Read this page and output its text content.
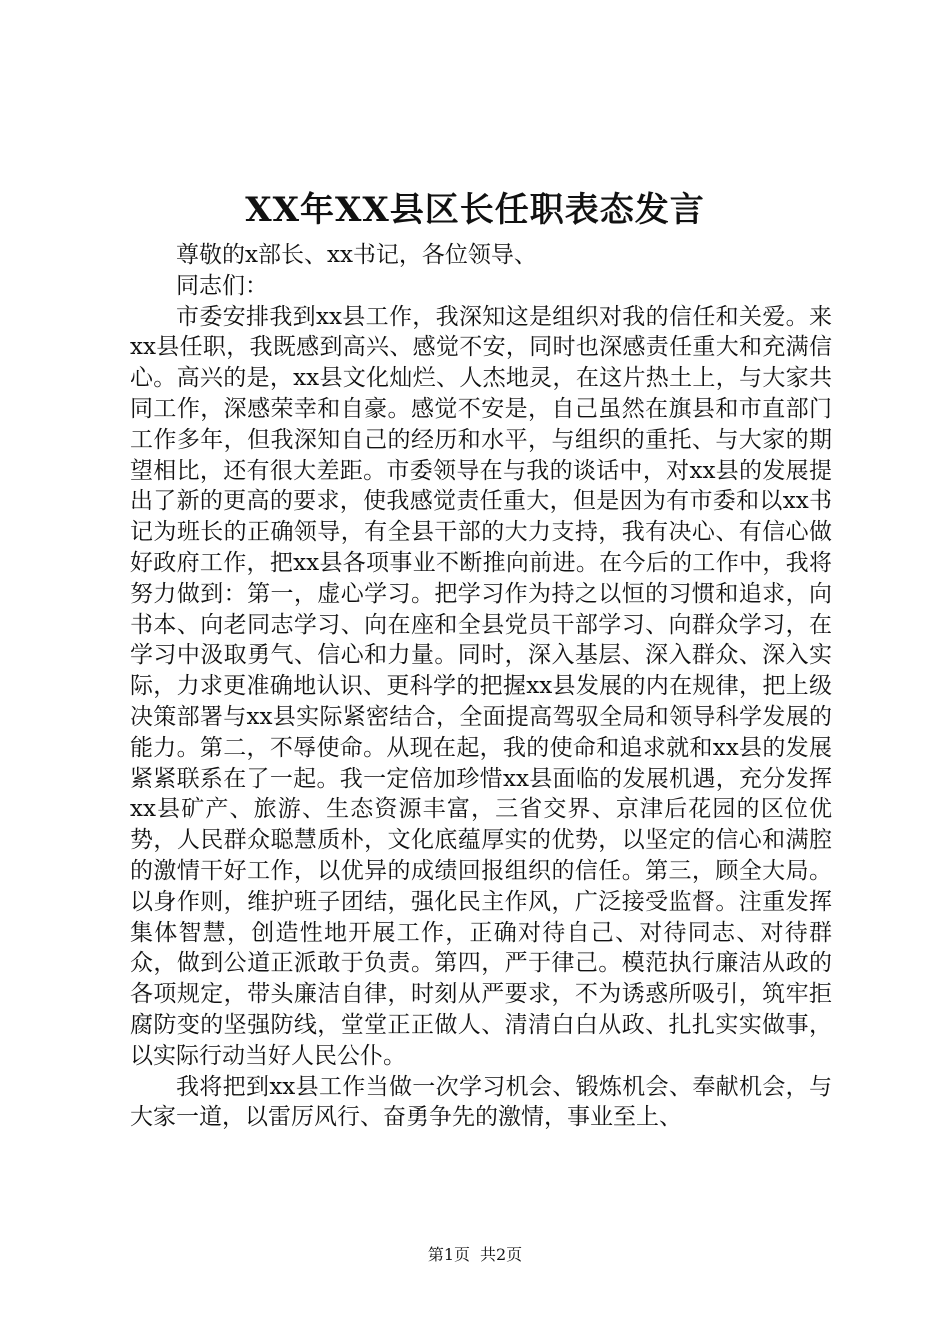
XX年XX县区长任职表态发言

尊敬的x部长、xx书记，各位领导、

同志们：

市委安排我到xx县工作，我深知这是组织对我的信任和关爱。来xx县任职，我既感到高兴、感觉不安，同时也深感责任重大和充满信心。高兴的是，xx县文化灿烂、人杰地灵，在这片热土上，与大家共同工作，深感荣幸和自豪。感觉不安是，自己虽然在旗县和市直部门工作多年，但我深知自己的经历和水平，与组织的重托、与大家的期望相比，还有很大差距。市委领导在与我的谈话中，对xx县的发展提出了新的更高的要求，使我感觉责任重大，但是因为有市委和以xx书记为班长的正确领导，有全县干部的大力支持，我有决心、有信心做好政府工作，把xx县各项事业不断推向前进。在今后的工作中，我将努力做到：第一，虚心学习。把学习作为持之以恒的习惯和追求，向书本、向老同志学习、向在座和全县党员干部学习、向群众学习，在学习中汲取勇气、信心和力量。同时，深入基层、深入群众、深入实际，力求更准确地认识、更科学的把握xx县发展的内在规律，把上级决策部署与xx县实际紧密结合，全面提高驾驭全局和领导科学发展的能力。第二，不辱使命。从现在起，我的使命和追求就和xx县的发展紧紧联系在了一起。我一定倍加珍惜xx县面临的发展机遇，充分发挥xx县矿产、旅游、生态资源丰富，三省交界、京津后花园的区位优势，人民群众聪慧质朴，文化底蕴厚实的优势，以坚定的信心和满腔的激情干好工作，以优异的成绩回报组织的信任。第三，顾全大局。以身作则，维护班子团结，强化民主作风，广泛接受监督。注重发挥集体智慧，创造性地开展工作，正确对待自己、对待同志、对待群众，做到公道正派敢于负责。第四，严于律己。模范执行廉洁从政的各项规定，带头廉洁自律，时刻从严要求，不为诱惑所吸引，筑牢拒腐防变的坚强防线，堂堂正正做人、清清白白从政、扎扎实实做事，以实际行动当好人民公仆。

我将把到xx县工作当做一次学习机会、锻炼机会、奉献机会，与大家一道，以雷厉风行、奋勇争先的激情，事业至上、

第1页 共2页
